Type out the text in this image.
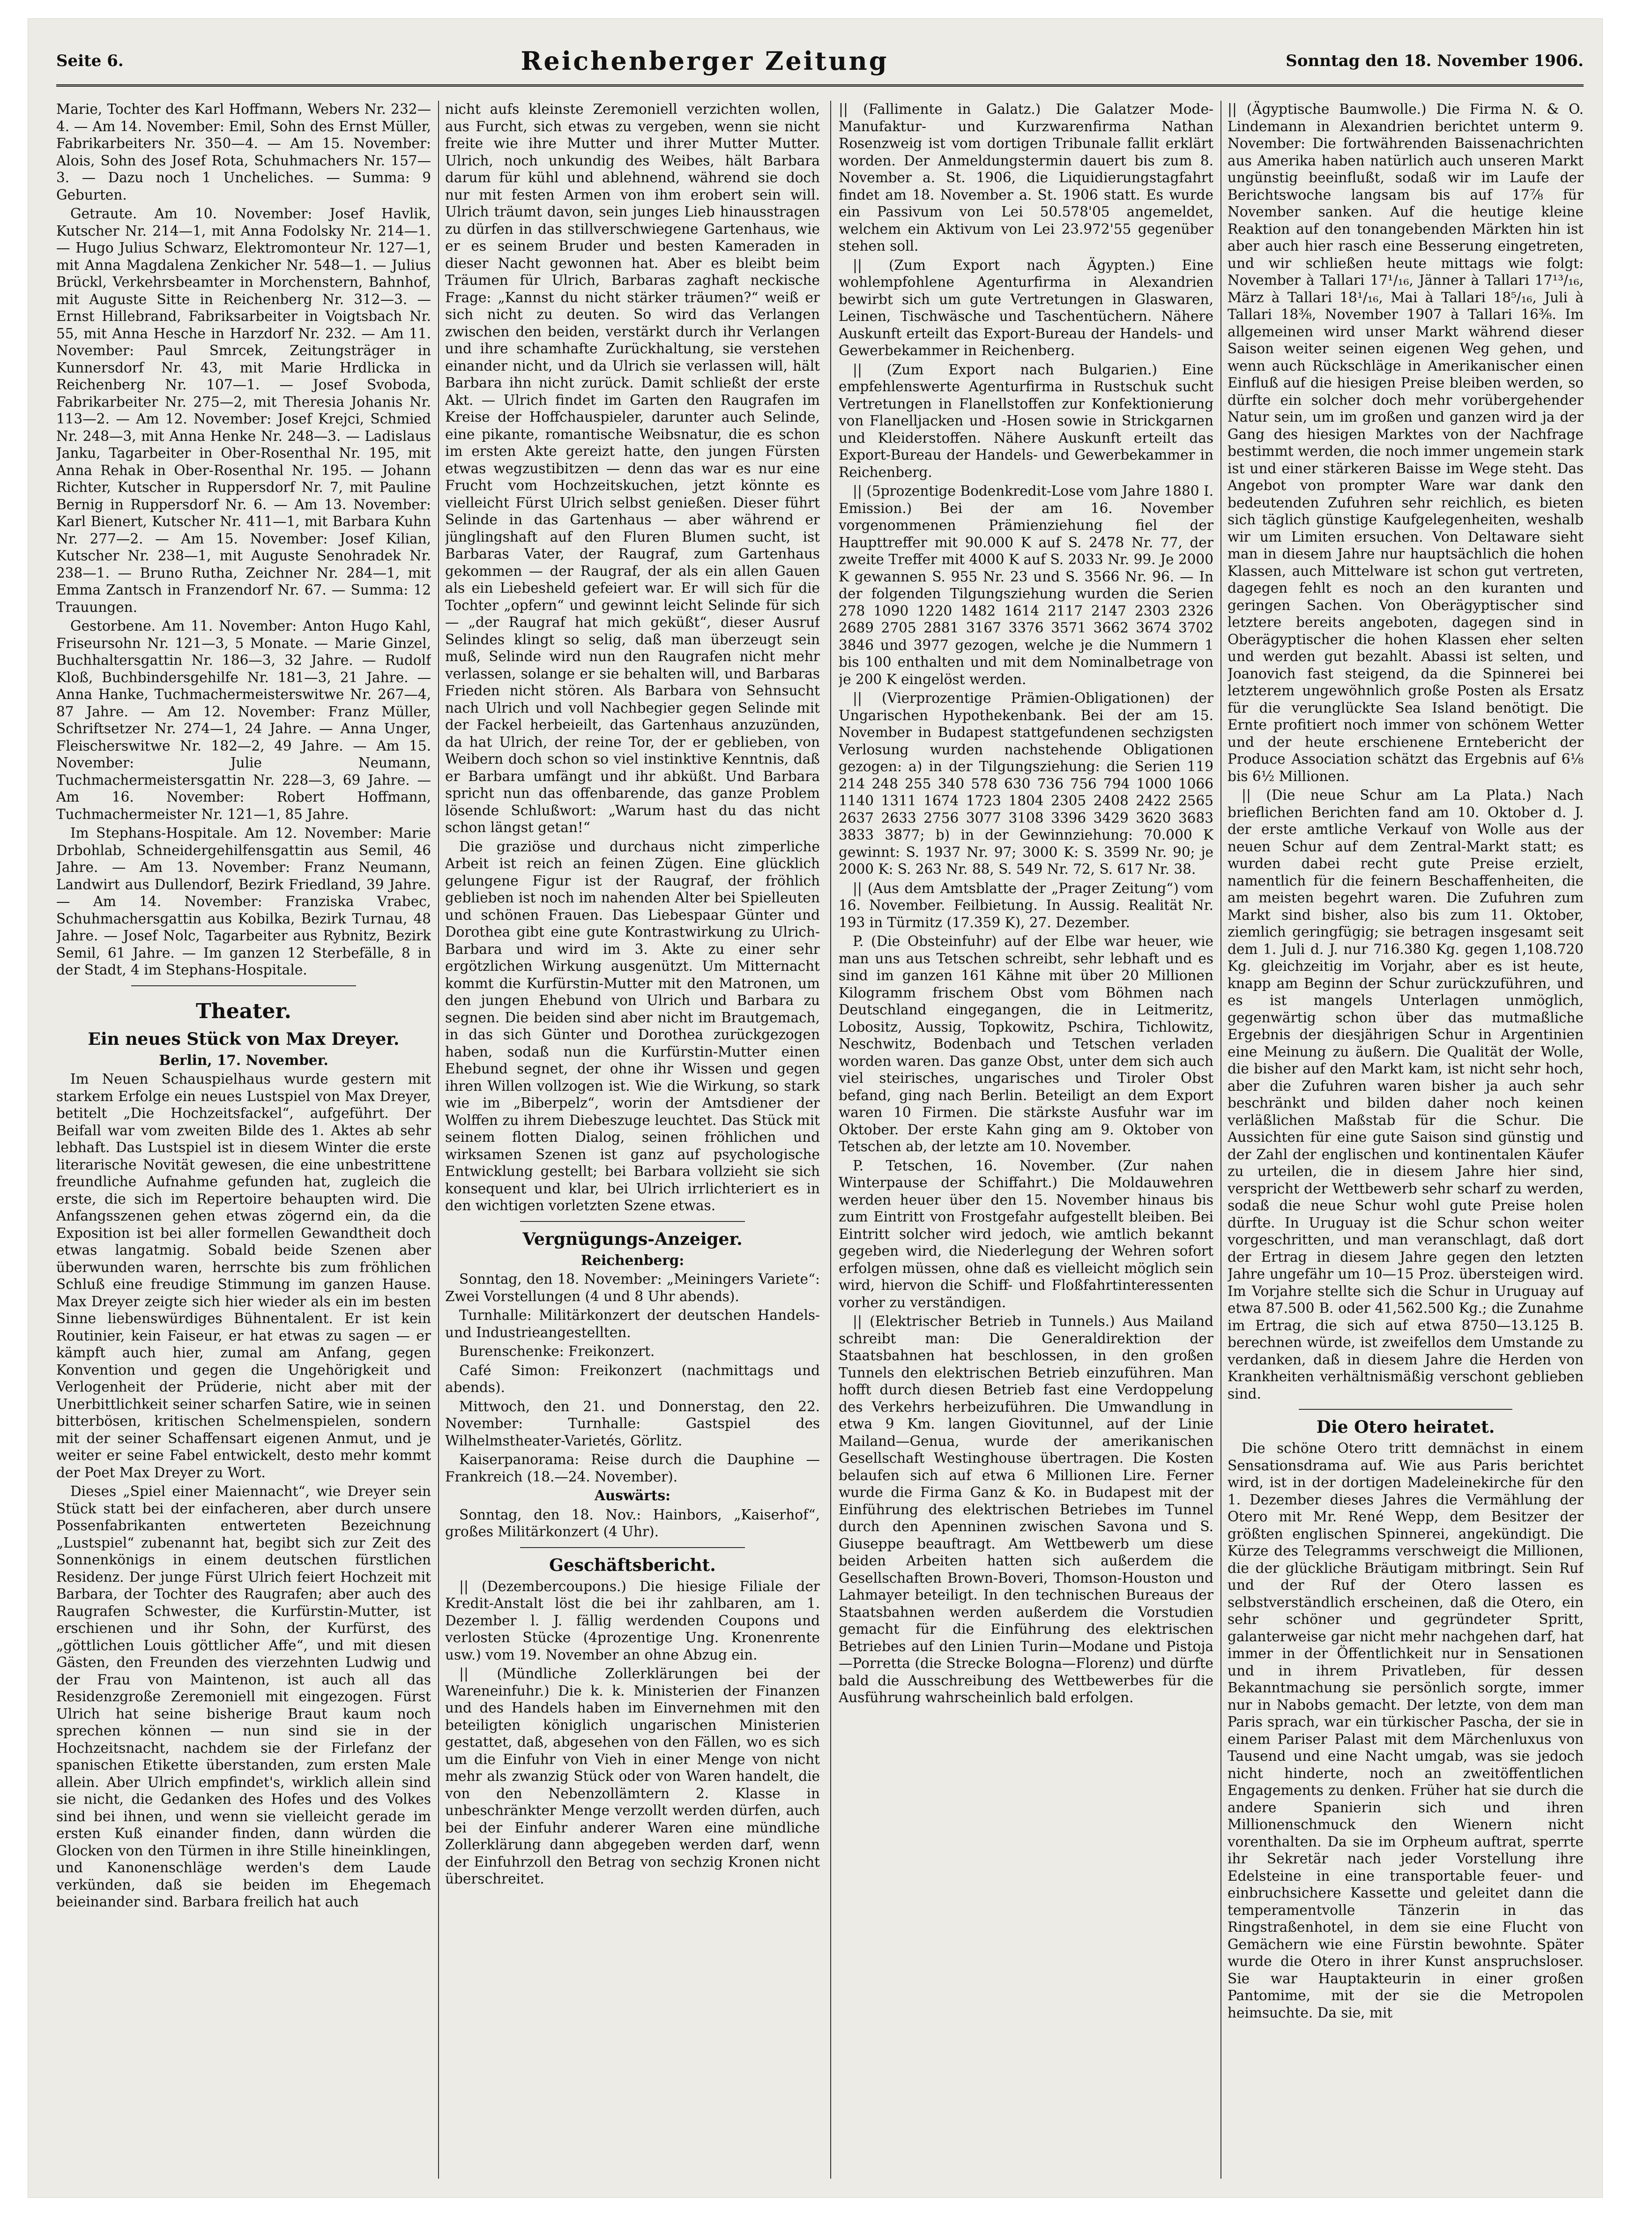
Seite 6.	Reichenberger Zeitung	Sonntag den 18. November 1906.

Marie, Tochter des Karl Hoffmann, Webers Nr. 232—4. — Am 14. November: Emil, Sohn des Ernst Müller, Fabrikarbeiters Nr. 350—4. — Am 15. November: Alois, Sohn des Josef Rota, Schuhmachers Nr. 157—3. — Dazu noch 1 Uncheliches. — Summa: 9 Geburten.

Getraute. Am 10. November: Josef Havlik, Kutscher Nr. 214—1, mit Anna Fodolsky Nr. 214—1. — Hugo Julius Schwarz, Elektromonteur Nr. 127—1, mit Anna Magdalena Zenkicher Nr. 548—1. — Julius Brückl, Verkehrsbeamter in Morchenstern, Bahnhof, mit Auguste Sitte in Reichenberg Nr. 312—3. — Ernst Hillebrand, Fabriksarbeiter in Voigtsbach Nr. 55, mit Anna Hesche in Harzdorf Nr. 232. — Am 11. November: Paul Smrcek, Zeitungsträger in Kunnersdorf Nr. 43, mit Marie Hrdlicka in Reichenberg Nr. 107—1. — Josef Svoboda, Fabrikarbeiter Nr. 275—2, mit Theresia Johanis Nr. 113—2. — Am 12. November: Josef Krejci, Schmied Nr. 248—3, mit Anna Henke Nr. 248—3. — Ladislaus Janku, Tagarbeiter in Ober-Rosenthal Nr. 195, mit Anna Rehak in Ober-Rosenthal Nr. 195. — Johann Richter, Kutscher in Ruppersdorf Nr. 7, mit Pauline Bernig in Ruppersdorf Nr. 6. — Am 13. November: Karl Bienert, Kutscher Nr. 411—1, mit Barbara Kuhn Nr. 277—2. — Am 15. November: Josef Kilian, Kutscher Nr. 238—1, mit Auguste Senohradek Nr. 238—1. — Bruno Rutha, Zeichner Nr. 284—1, mit Emma Zantsch in Franzendorf Nr. 67. — Summa: 12 Trauungen.

Gestorbene. Am 11. November: Anton Hugo Kahl, Friseursohn Nr. 121—3, 5 Monate. — Marie Ginzel, Buchhaltersgattin Nr. 186—3, 32 Jahre. — Rudolf Kloß, Buchbindersgehilfe Nr. 181—3, 21 Jahre. — Anna Hanke, Tuchmachermeisterswitwe Nr. 267—4, 87 Jahre. — Am 12. November: Franz Müller, Schriftsetzer Nr. 274—1, 24 Jahre. — Anna Unger, Fleischerswitwe Nr. 182—2, 49 Jahre. — Am 15. November: Julie Neumann, Tuchmachermeistersgattin Nr. 228—3, 69 Jahre. — Am 16. November: Robert Hoffmann, Tuchmachermeister Nr. 121—1, 85 Jahre.

Im Stephans-Hospitale. Am 12. November: Marie Drbohlab, Schneidergehilfensgattin aus Semil, 46 Jahre. — Am 13. November: Franz Neumann, Landwirt aus Dullendorf, Bezirk Friedland, 39 Jahre. — Am 14. November: Franziska Vrabec, Schuhmachersgattin aus Kobilka, Bezirk Turnau, 48 Jahre. — Josef Nolc, Tagarbeiter aus Rybnitz, Bezirk Semil, 61 Jahre. — Im ganzen 12 Sterbefälle, 8 in der Stadt, 4 im Stephans-Hospitale.

Theater.
Ein neues Stück von Max Dreyer.
Berlin, 17. November.

Im Neuen Schauspielhaus wurde gestern mit starkem Erfolge ein neues Lustspiel von Max Dreyer, betitelt „Die Hochzeitsfackel“, aufgeführt. Der Beifall war vom zweiten Bilde des 1. Aktes ab sehr lebhaft. Das Lustspiel ist in diesem Winter die erste literarische Novität gewesen, die eine unbestrittene freundliche Aufnahme gefunden hat, zugleich die erste, die sich im Repertoire behaupten wird. Die Anfangsszenen gehen etwas zögernd ein, da die Exposition ist bei aller formellen Gewandtheit doch etwas langatmig. Sobald beide Szenen aber überwunden waren, herrschte bis zum fröhlichen Schluß eine freudige Stimmung im ganzen Hause. Max Dreyer zeigte sich hier wieder als ein im besten Sinne liebenswürdiges Bühnentalent. Er ist kein Routinier, kein Faiseur, er hat etwas zu sagen — er kämpft auch hier, zumal am Anfang, gegen Konvention und gegen die Ungehörigkeit und Verlogenheit der Prüderie, nicht aber mit der Unerbittlichkeit seiner scharfen Satire, wie in seinen bitterbösen, kritischen Schelmenspielen, sondern mit der seiner Schaffensart eigenen Anmut, und je weiter er seine Fabel entwickelt, desto mehr kommt der Poet Max Dreyer zu Wort.

Dieses „Spiel einer Maiennacht“, wie Dreyer sein Stück statt bei der einfacheren, aber durch unsere Possenfabrikanten entwerteten Bezeichnung „Lustspiel“ zubenannt hat, begibt sich zur Zeit des Sonnenkönigs in einem deutschen fürstlichen Residenz. Der junge Fürst Ulrich feiert Hochzeit mit Barbara, der Tochter des Raugrafen; aber auch des Raugrafen Schwester, die Kurfürstin-Mutter, ist erschienen und ihr Sohn, der Kurfürst, des „göttlichen Louis göttlicher Affe“, und mit diesen Gästen, den Freunden des vierzehnten Ludwig und der Frau von Maintenon, ist auch all das Residenzgroße Zeremoniell mit eingezogen. Fürst Ulrich hat seine bisherige Braut kaum noch sprechen können — nun sind sie in der Hochzeitsnacht, nachdem sie der Firlefanz der spanischen Etikette überstanden, zum ersten Male allein. Aber Ulrich empfindet's, wirklich allein sind sie nicht, die Gedanken des Hofes und des Volkes sind bei ihnen, und wenn sie vielleicht gerade im ersten Kuß einander finden, dann würden die Glocken von den Türmen in ihre Stille hineinklingen, und Kanonenschläge werden's dem Laude verkünden, daß sie beiden im Ehegemach beieinander sind. Barbara freilich hat auch

nicht aufs kleinste Zeremoniell verzichten wollen, aus Furcht, sich etwas zu vergeben, wenn sie nicht freite wie ihre Mutter und ihrer Mutter Mutter. Ulrich, noch unkundig des Weibes, hält Barbara darum für kühl und ablehnend, während sie doch nur mit festen Armen von ihm erobert sein will. Ulrich träumt davon, sein junges Lieb hinausstragen zu dürfen in das stillverschwiegene Gartenhaus, wie er es seinem Bruder und besten Kameraden in dieser Nacht gewonnen hat. Aber es bleibt beim Träumen für Ulrich, Barbaras zaghaft neckische Frage: „Kannst du nicht stärker träumen?“ weiß er sich nicht zu deuten. So wird das Verlangen zwischen den beiden, verstärkt durch ihr Verlangen und ihre schamhafte Zurückhaltung, sie verstehen einander nicht, und da Ulrich sie verlassen will, hält Barbara ihn nicht zurück. Damit schließt der erste Akt. — Ulrich findet im Garten den Raugrafen im Kreise der Hoffchauspieler, darunter auch Selinde, eine pikante, romantische Weibsnatur, die es schon im ersten Akte gereizt hatte, den jungen Fürsten etwas wegzustibitzen — denn das war es nur eine Frucht vom Hochzeitskuchen, jetzt könnte es vielleicht Fürst Ulrich selbst genießen. Dieser führt Selinde in das Gartenhaus — aber während er jünglingshaft auf den Fluren Blumen sucht, ist Barbaras Vater, der Raugraf, zum Gartenhaus gekommen — der Raugraf, der als ein allen Gauen als ein Liebesheld gefeiert war. Er will sich für die Tochter „opfern“ und gewinnt leicht Selinde für sich — „der Raugraf hat mich geküßt“, dieser Ausruf Selindes klingt so selig, daß man überzeugt sein muß, Selinde wird nun den Raugrafen nicht mehr verlassen, solange er sie behalten will, und Barbaras Frieden nicht stören. Als Barbara von Sehnsucht nach Ulrich und voll Nachbegier gegen Selinde mit der Fackel herbeieilt, das Gartenhaus anzuzünden, da hat Ulrich, der reine Tor, der er geblieben, von Weibern doch schon so viel instinktive Kenntnis, daß er Barbara umfängt und ihr abküßt. Und Barbara spricht nun das offenbarende, das ganze Problem lösende Schlußwort: „Warum hast du das nicht schon längst getan!“

Die graziöse und durchaus nicht zimperliche Arbeit ist reich an feinen Zügen. Eine glücklich gelungene Figur ist der Raugraf, der fröhlich geblieben ist noch im nahenden Alter bei Spielleuten und schönen Frauen. Das Liebespaar Günter und Dorothea gibt eine gute Kontrastwirkung zu Ulrich-Barbara und wird im 3. Akte zu einer sehr ergötzlichen Wirkung ausgenützt. Um Mitternacht kommt die Kurfürstin-Mutter mit den Matronen, um den jungen Ehebund von Ulrich und Barbara zu segnen. Die beiden sind aber nicht im Brautgemach, in das sich Günter und Dorothea zurückgezogen haben, sodaß nun die Kurfürstin-Mutter einen Ehebund segnet, der ohne ihr Wissen und gegen ihren Willen vollzogen ist. Wie die Wirkung, so stark wie im „Biberpelz“, worin der Amtsdiener der Wolffen zu ihrem Diebeszuge leuchtet. Das Stück mit seinem flotten Dialog, seinen fröhlichen und wirksamen Szenen ist ganz auf psychologische Entwicklung gestellt; bei Barbara vollzieht sie sich konsequent und klar, bei Ulrich irrlichteriert es in den wichtigen vorletzten Szene etwas.

Vergnügungs-Anzeiger.
Reichenberg:

Sonntag, den 18. November: „Meiningers Variete“: Zwei Vorstellungen (4 und 8 Uhr abends).

Turnhalle: Militärkonzert der deutschen Handels- und Industrieangestellten.

Burenschenke: Freikonzert.

Café Simon: Freikonzert (nachmittags und abends).

Mittwoch, den 21. und Donnerstag, den 22. November: Turnhalle: Gastspiel des Wilhelmstheater-Varietés, Görlitz.

Kaiserpanorama: Reise durch die Dauphine — Frankreich (18.—24. November).

Auswärts:

Sonntag, den 18. Nov.: Hainbors, „Kaiserhof“, großes Militärkonzert (4 Uhr).

Geschäftsbericht.

|| (Dezembercoupons.) Die hiesige Filiale der Kredit-Anstalt löst die bei ihr zahlbaren, am 1. Dezember l. J. fällig werdenden Coupons und verlosten Stücke (4prozentige Ung. Kronenrente usw.) vom 19. November an ohne Abzug ein.

|| (Mündliche Zollerklärungen bei der Wareneinfuhr.) Die k. k. Ministerien der Finanzen und des Handels haben im Einvernehmen mit den beteiligten königlich ungarischen Ministerien gestattet, daß, abgesehen von den Fällen, wo es sich um die Einfuhr von Vieh in einer Menge von nicht mehr als zwanzig Stück oder von Waren handelt, die von den Nebenzollämtern 2. Klasse in unbeschränkter Menge verzollt werden dürfen, auch bei der Einfuhr anderer Waren eine mündliche Zollerklärung dann abgegeben werden darf, wenn der Einfuhrzoll den Betrag von sechzig Kronen nicht überschreitet.

|| (Fallimente in Galatz.) Die Galatzer Mode-Manufaktur- und Kurzwarenfirma Nathan Rosenzweig ist vom dortigen Tribunale fallit erklärt worden. Der Anmeldungstermin dauert bis zum 8. November a. St. 1906, die Liquidierungstagfahrt findet am 18. November a. St. 1906 statt. Es wurde ein Passivum von Lei 50.578'05 angemeldet, welchem ein Aktivum von Lei 23.972'55 gegenüber stehen soll.

|| (Zum Export nach Ägypten.) Eine wohlempfohlene Agenturfirma in Alexandrien bewirbt sich um gute Vertretungen in Glaswaren, Leinen, Tischwäsche und Taschentüchern. Nähere Auskunft erteilt das Export-Bureau der Handels- und Gewerbekammer in Reichenberg.

|| (Zum Export nach Bulgarien.) Eine empfehlenswerte Agenturfirma in Rustschuk sucht Vertretungen in Flanellstoffen zur Konfektionierung von Flanelljacken und -Hosen sowie in Strickgarnen und Kleiderstoffen. Nähere Auskunft erteilt das Export-Bureau der Handels- und Gewerbekammer in Reichenberg.

|| (5prozentige Bodenkredit-Lose vom Jahre 1880 I. Emission.) Bei der am 16. November vorgenommenen Prämienziehung fiel der Haupttreffer mit 90.000 K auf S. 2478 Nr. 77, der zweite Treffer mit 4000 K auf S. 2033 Nr. 99. Je 2000 K gewannen S. 955 Nr. 23 und S. 3566 Nr. 96. — In der folgenden Tilgungsziehung wurden die Serien 278 1090 1220 1482 1614 2117 2147 2303 2326 2689 2705 2881 3167 3376 3571 3662 3674 3702 3846 und 3977 gezogen, welche je die Nummern 1 bis 100 enthalten und mit dem Nominalbetrage von je 200 K eingelöst werden.

|| (Vierprozentige Prämien-Obligationen) der Ungarischen Hypothekenbank. Bei der am 15. November in Budapest stattgefundenen sechzigsten Verlosung wurden nachstehende Obligationen gezogen: a) in der Tilgungsziehung: die Serien 119 214 248 255 340 578 630 736 756 794 1000 1066 1140 1311 1674 1723 1804 2305 2408 2422 2565 2637 2633 2756 3077 3108 3396 3429 3620 3683 3833 3877; b) in der Gewinnziehung: 70.000 K gewinnt: S. 1937 Nr. 97; 3000 K: S. 3599 Nr. 90; je 2000 K: S. 263 Nr. 88, S. 549 Nr. 72, S. 617 Nr. 38.

|| (Aus dem Amtsblatte der „Prager Zeitung“) vom 16. November. Feilbietung. In Aussig. Realität Nr. 193 in Türmitz (17.359 K), 27. Dezember.

P. (Die Obsteinfuhr) auf der Elbe war heuer, wie man uns aus Tetschen schreibt, sehr lebhaft und es sind im ganzen 161 Kähne mit über 20 Millionen Kilogramm frischem Obst vom Böhmen nach Deutschland eingegangen, die in Leitmeritz, Lobositz, Aussig, Topkowitz, Pschira, Tichlowitz, Neschwitz, Bodenbach und Tetschen verladen worden waren. Das ganze Obst, unter dem sich auch viel steirisches, ungarisches und Tiroler Obst befand, ging nach Berlin. Beteiligt an dem Export waren 10 Firmen. Die stärkste Ausfuhr war im Oktober. Der erste Kahn ging am 9. Oktober von Tetschen ab, der letzte am 10. November.

P. Tetschen, 16. November. (Zur nahen Winterpause der Schiffahrt.) Die Moldauwehren werden heuer über den 15. November hinaus bis zum Eintritt von Frostgefahr aufgestellt bleiben. Bei Eintritt solcher wird jedoch, wie amtlich bekannt gegeben wird, die Niederlegung der Wehren sofort erfolgen müssen, ohne daß es vielleicht möglich sein wird, hiervon die Schiff- und Floßfahrtinteressenten vorher zu verständigen.

|| (Elektrischer Betrieb in Tunnels.) Aus Mailand schreibt man: Die Generaldirektion der Staatsbahnen hat beschlossen, in den großen Tunnels den elektrischen Betrieb einzuführen. Man hofft durch diesen Betrieb fast eine Verdoppelung des Verkehrs herbeizuführen. Die Umwandlung in etwa 9 Km. langen Giovitunnel, auf der Linie Mailand—Genua, wurde der amerikanischen Gesellschaft Westinghouse übertragen. Die Kosten belaufen sich auf etwa 6 Millionen Lire. Ferner wurde die Firma Ganz & Ko. in Budapest mit der Einführung des elektrischen Betriebes im Tunnel durch den Apenninen zwischen Savona und S. Giuseppe beauftragt. Am Wettbewerb um diese beiden Arbeiten hatten sich außerdem die Gesellschaften Brown-Boveri, Thomson-Houston und Lahmayer beteiligt. In den technischen Bureaus der Staatsbahnen werden außerdem die Vorstudien gemacht für die Einführung des elektrischen Betriebes auf den Linien Turin—Modane und Pistoja—Porretta (die Strecke Bologna—Florenz) und dürfte bald die Ausschreibung des Wettbewerbes für die Ausführung wahrscheinlich bald erfolgen.

|| (Ägyptische Baumwolle.) Die Firma N. & O. Lindemann in Alexandrien berichtet unterm 9. November: Die fortwährenden Baissenachrichten aus Amerika haben natürlich auch unseren Markt ungünstig beeinflußt, sodaß wir im Laufe der Berichtswoche langsam bis auf 17⅞ für November sanken. Auf die heutige kleine Reaktion auf den tonangebenden Märkten hin ist aber auch hier rasch eine Besserung eingetreten, und wir schließen heute mittags wie folgt: November à Tallari 17¹/₁₆, Jänner à Tallari 17¹³/₁₆, März à Tallari 18¹/₁₆, Mai à Tallari 18⁵/₁₆, Juli à Tallari 18⅜, November 1907 à Tallari 16⅜. Im allgemeinen wird unser Markt während dieser Saison weiter seinen eigenen Weg gehen, und wenn auch Rückschläge in Amerikanischer einen Einfluß auf die hiesigen Preise bleiben werden, so dürfte ein solcher doch mehr vorübergehender Natur sein, um im großen und ganzen wird ja der Gang des hiesigen Marktes von der Nachfrage bestimmt werden, die noch immer ungemein stark ist und einer stärkeren Baisse im Wege steht. Das Angebot von prompter Ware war dank den bedeutenden Zufuhren sehr reichlich, es bieten sich täglich günstige Kaufgelegenheiten, weshalb wir um Limiten ersuchen. Von Deltaware sieht man in diesem Jahre nur hauptsächlich die hohen Klassen, auch Mittelware ist schon gut vertreten, dagegen fehlt es noch an den kuranten und geringen Sachen. Von Oberägyptischer sind letztere bereits angeboten, dagegen sind in Oberägyptischer die hohen Klassen eher selten und werden gut bezahlt. Abassi ist selten, und Joanovich fast steigend, da die Spinnerei bei letzterem ungewöhnlich große Posten als Ersatz für die verunglückte Sea Island benötigt. Die Ernte profitiert noch immer von schönem Wetter und der heute erschienene Erntebericht der Produce Association schätzt das Ergebnis auf 6⅛ bis 6½ Millionen.

|| (Die neue Schur am La Plata.) Nach brieflichen Berichten fand am 10. Oktober d. J. der erste amtliche Verkauf von Wolle aus der neuen Schur auf dem Zentral-Markt statt; es wurden dabei recht gute Preise erzielt, namentlich für die feinern Beschaffenheiten, die am meisten begehrt waren. Die Zufuhren zum Markt sind bisher, also bis zum 11. Oktober, ziemlich geringfügig; sie betragen insgesamt seit dem 1. Juli d. J. nur 716.380 Kg. gegen 1,108.720 Kg. gleichzeitig im Vorjahr, aber es ist heute, knapp am Beginn der Schur zurückzuführen, und es ist mangels Unterlagen unmöglich, gegenwärtig schon über das mutmaßliche Ergebnis der diesjährigen Schur in Argentinien eine Meinung zu äußern. Die Qualität der Wolle, die bisher auf den Markt kam, ist nicht sehr hoch, aber die Zufuhren waren bisher ja auch sehr beschränkt und bilden daher noch keinen verläßlichen Maßstab für die Schur. Die Aussichten für eine gute Saison sind günstig und der Zahl der englischen und kontinentalen Käufer zu urteilen, die in diesem Jahre hier sind, verspricht der Wettbewerb sehr scharf zu werden, sodaß die neue Schur wohl gute Preise holen dürfte. In Uruguay ist die Schur schon weiter vorgeschritten, und man veranschlagt, daß dort der Ertrag in diesem Jahre gegen den letzten Jahre ungefähr um 10—15 Proz. übersteigen wird. Im Vorjahre stellte sich die Schur in Uruguay auf etwa 87.500 B. oder 41,562.500 Kg.; die Zunahme im Ertrag, die sich auf etwa 8750—13.125 B. berechnen würde, ist zweifellos dem Umstande zu verdanken, daß in diesem Jahre die Herden von Krankheiten verhältnismäßig verschont geblieben sind.

Die Otero heiratet.

Die schöne Otero tritt demnächst in einem Sensationsdrama auf. Wie aus Paris berichtet wird, ist in der dortigen Madeleinekirche für den 1. Dezember dieses Jahres die Vermählung der Otero mit Mr. René Wepp, dem Besitzer der größten englischen Spinnerei, angekündigt. Die Kürze des Telegramms verschweigt die Millionen, die der glückliche Bräutigam mitbringt. Sein Ruf und der Ruf der Otero lassen es selbstverständlich erscheinen, daß die Otero, ein sehr schöner und gegründeter Spritt, galanterweise gar nicht mehr nachgehen darf, hat immer in der Öffentlichkeit nur in Sensationen und in ihrem Privatleben, für dessen Bekanntmachung sie persönlich sorgte, immer nur in Nabobs gemacht. Der letzte, von dem man Paris sprach, war ein türkischer Pascha, der sie in einem Pariser Palast mit dem Märchenluxus von Tausend und eine Nacht umgab, was sie jedoch nicht hinderte, noch an zweitöffentlichen Engagements zu denken. Früher hat sie durch die andere Spanierin sich und ihren Millionenschmuck den Wienern nicht vorenthalten. Da sie im Orpheum auftrat, sperrte ihr Sekretär nach jeder Vorstellung ihre Edelsteine in eine transportable feuer- und einbruchsichere Kassette und geleitet dann die temperamentvolle Tänzerin in das Ringstraßenhotel, in dem sie eine Flucht von Gemächern wie eine Fürstin bewohnte. Später wurde die Otero in ihrer Kunst anspruchsloser. Sie war Hauptakteurin in einer großen Pantomime, mit der sie die Metropolen heimsuchte. Da sie, mit
